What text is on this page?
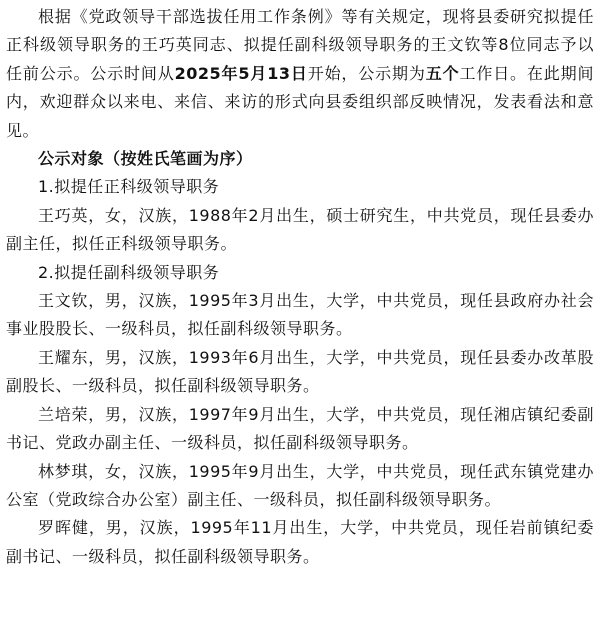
根据《党政领导干部选拔任用工作条例》等有关规定，现将县委研究拟提任正科级领导职务的王巧英同志、拟提任副科级领导职务的王文钦等8位同志予以任前公示。公示时间从2025年5月13日开始，公示期为五个工作日。在此期间内，欢迎群众以来电、来信、来访的形式向县委组织部反映情况，发表看法和意见。

公示对象（按姓氏笔画为序）

1.拟提任正科级领导职务

王巧英，女，汉族，1988年2月出生，硕士研究生，中共党员，现任县委办副主任，拟任正科级领导职务。

2.拟提任副科级领导职务

王文钦，男，汉族，1995年3月出生，大学，中共党员，现任县政府办社会事业股股长、一级科员，拟任副科级领导职务。

王耀东，男，汉族，1993年6月出生，大学，中共党员，现任县委办改革股副股长、一级科员，拟任副科级领导职务。

兰培荣，男，汉族，1997年9月出生，大学，中共党员，现任湘店镇纪委副书记、党政办副主任、一级科员，拟任副科级领导职务。

林梦琪，女，汉族，1995年9月出生，大学，中共党员，现任武东镇党建办公室（党政综合办公室）副主任、一级科员，拟任副科级领导职务。

罗晖健，男，汉族，1995年11月出生，大学，中共党员，现任岩前镇纪委副书记、一级科员，拟任副科级领导职务。
